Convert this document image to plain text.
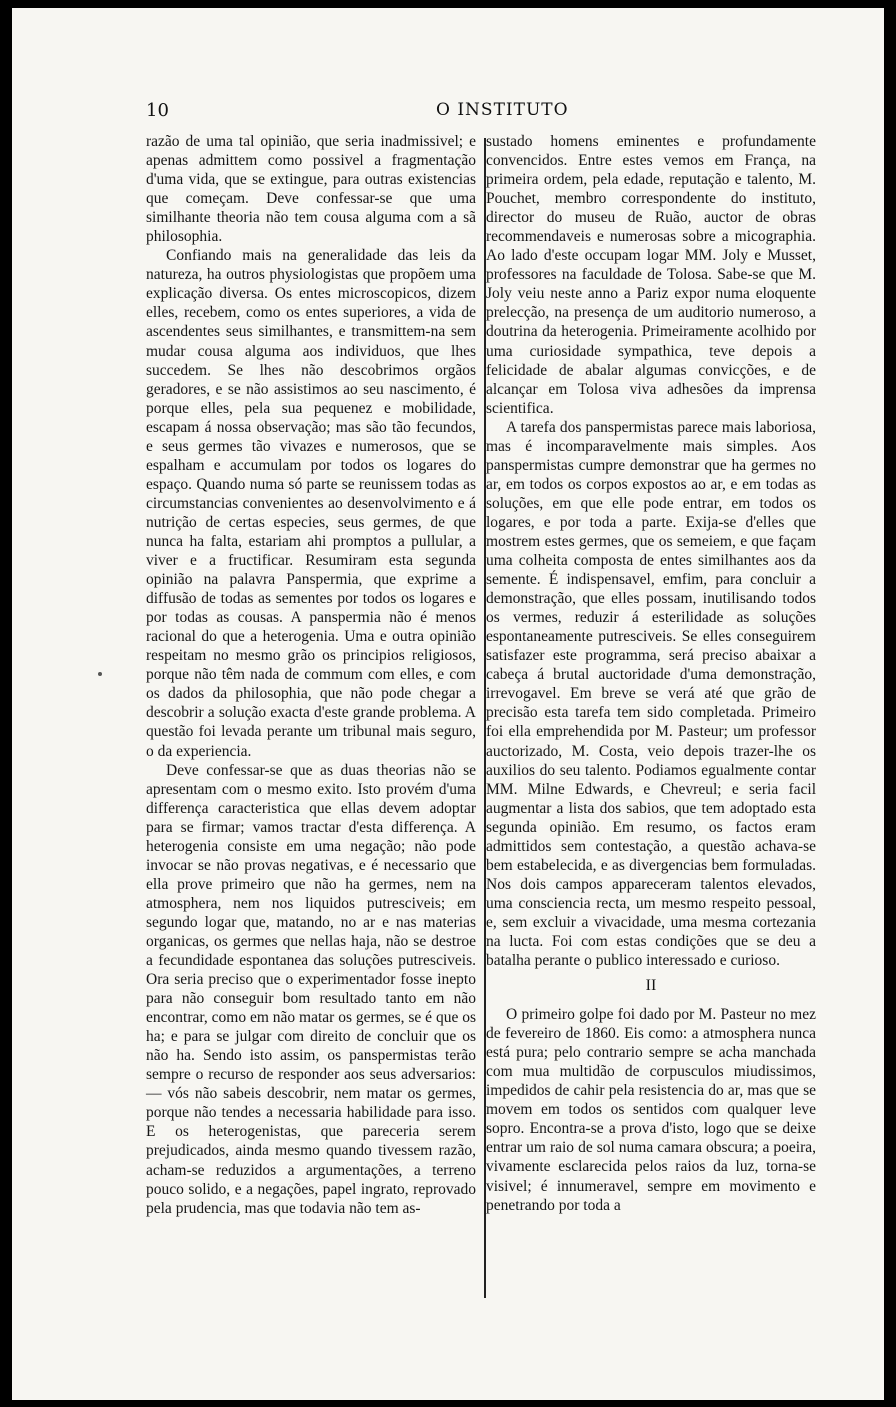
10	O INSTITUTO

razão de uma tal opinião, que seria inadmissivel; e apenas admittem como possivel a fragmentação d'uma vida, que se extingue, para outras existencias que começam. Deve confessar-se que uma similhante theoria não tem cousa alguma com a sã philosophia.

Confiando mais na generalidade das leis da natureza, ha outros physiologistas que propõem uma explicação diversa. Os entes microscopicos, dizem elles, recebem, como os entes superiores, a vida de ascendentes seus similhantes, e transmittem-na sem mudar cousa alguma aos individuos, que lhes succedem. Se lhes não descobrimos orgãos geradores, e se não assistimos ao seu nascimento, é porque elles, pela sua pequenez e mobilidade, escapam á nossa observação; mas são tão fecundos, e seus germes tão vivazes e numerosos, que se espalham e accumulam por todos os logares do espaço. Quando numa só parte se reunissem todas as circumstancias convenientes ao desenvolvimento e á nutrição de certas especies, seus germes, de que nunca ha falta, estariam ahi promptos a pullular, a viver e a fructificar. Resumiram esta segunda opinião na palavra Panspermia, que exprime a diffusão de todas as sementes por todos os logares e por todas as cousas. A panspermia não é menos racional do que a heterogenia. Uma e outra opinião respeitam no mesmo grão os principios religiosos, porque não têm nada de commum com elles, e com os dados da philosophia, que não pode chegar a descobrir a solução exacta d'este grande problema. A questão foi levada perante um tribunal mais seguro, o da experiencia.

Deve confessar-se que as duas theorias não se apresentam com o mesmo exito. Isto provém d'uma differença caracteristica que ellas devem adoptar para se firmar; vamos tractar d'esta differença. A heterogenia consiste em uma negação; não pode invocar se não provas negativas, e é necessario que ella prove primeiro que não ha germes, nem na atmosphera, nem nos liquidos putresciveis; em segundo logar que, matando, no ar e nas materias organicas, os germes que nellas haja, não se destroe a fecundidade espontanea das soluções putresciveis. Ora seria preciso que o experimentador fosse inepto para não conseguir bom resultado tanto em não encontrar, como em não matar os germes, se é que os ha; e para se julgar com direito de concluir que os não ha. Sendo isto assim, os panspermistas terão sempre o recurso de responder aos seus adversarios:— vós não sabeis descobrir, nem matar os germes, porque não tendes a necessaria habilidade para isso. E os heterogenistas, que pareceria serem prejudicados, ainda mesmo quando tivessem razão, acham-se reduzidos a argumentações, a terreno pouco solido, e a negações, papel ingrato, reprovado pela prudencia, mas que todavia não tem as-

sustado homens eminentes e profundamente convencidos. Entre estes vemos em França, na primeira ordem, pela edade, reputação e talento, M. Pouchet, membro correspondente do instituto, director do museu de Ruão, auctor de obras recommendaveis e numerosas sobre a micographia. Ao lado d'este occupam logar MM. Joly e Musset, professores na faculdade de Tolosa. Sabe-se que M. Joly veiu neste anno a Pariz expor numa eloquente prelecção, na presença de um auditorio numeroso, a doutrina da heterogenia. Primeiramente acolhido por uma curiosidade sympathica, teve depois a felicidade de abalar algumas convicções, e de alcançar em Tolosa viva adhesões da imprensa scientifica.

A tarefa dos panspermistas parece mais laboriosa, mas é incomparavelmente mais simples. Aos panspermistas cumpre demonstrar que ha germes no ar, em todos os corpos expostos ao ar, e em todas as soluções, em que elle pode entrar, em todos os logares, e por toda a parte. Exija-se d'elles que mostrem estes germes, que os semeiem, e que façam uma colheita composta de entes similhantes aos da semente. É indispensavel, emfim, para concluir a demonstração, que elles possam, inutilisando todos os vermes, reduzir á esterilidade as soluções espontaneamente putresciveis. Se elles conseguirem satisfazer este programma, será preciso abaixar a cabeça á brutal auctoridade d'uma demonstração, irrevogavel. Em breve se verá até que grão de precisão esta tarefa tem sido completada. Primeiro foi ella emprehendida por M. Pasteur; um professor auctorizado, M. Costa, veio depois trazer-lhe os auxilios do seu talento. Podiamos egualmente contar MM. Milne Edwards, e Chevreul; e seria facil augmentar a lista dos sabios, que tem adoptado esta segunda opinião. Em resumo, os factos eram admittidos sem contestação, a questão achava-se bem estabelecida, e as divergencias bem formuladas. Nos dois campos appareceram talentos elevados, uma consciencia recta, um mesmo respeito pessoal, e, sem excluir a vivacidade, uma mesma cortezania na lucta. Foi com estas condições que se deu a batalha perante o publico interessado e curioso.

II

O primeiro golpe foi dado por M. Pasteur no mez de fevereiro de 1860. Eis como: a atmosphera nunca está pura; pelo contrario sempre se acha manchada com mua multidão de corpusculos miudissimos, impedidos de cahir pela resistencia do ar, mas que se movem em todos os sentidos com qualquer leve sopro. Encontra-se a prova d'isto, logo que se deixe entrar um raio de sol numa camara obscura; a poeira, vivamente esclarecida pelos raios da luz, torna-se visivel; é innumeravel, sempre em movimento e penetrando por toda a
